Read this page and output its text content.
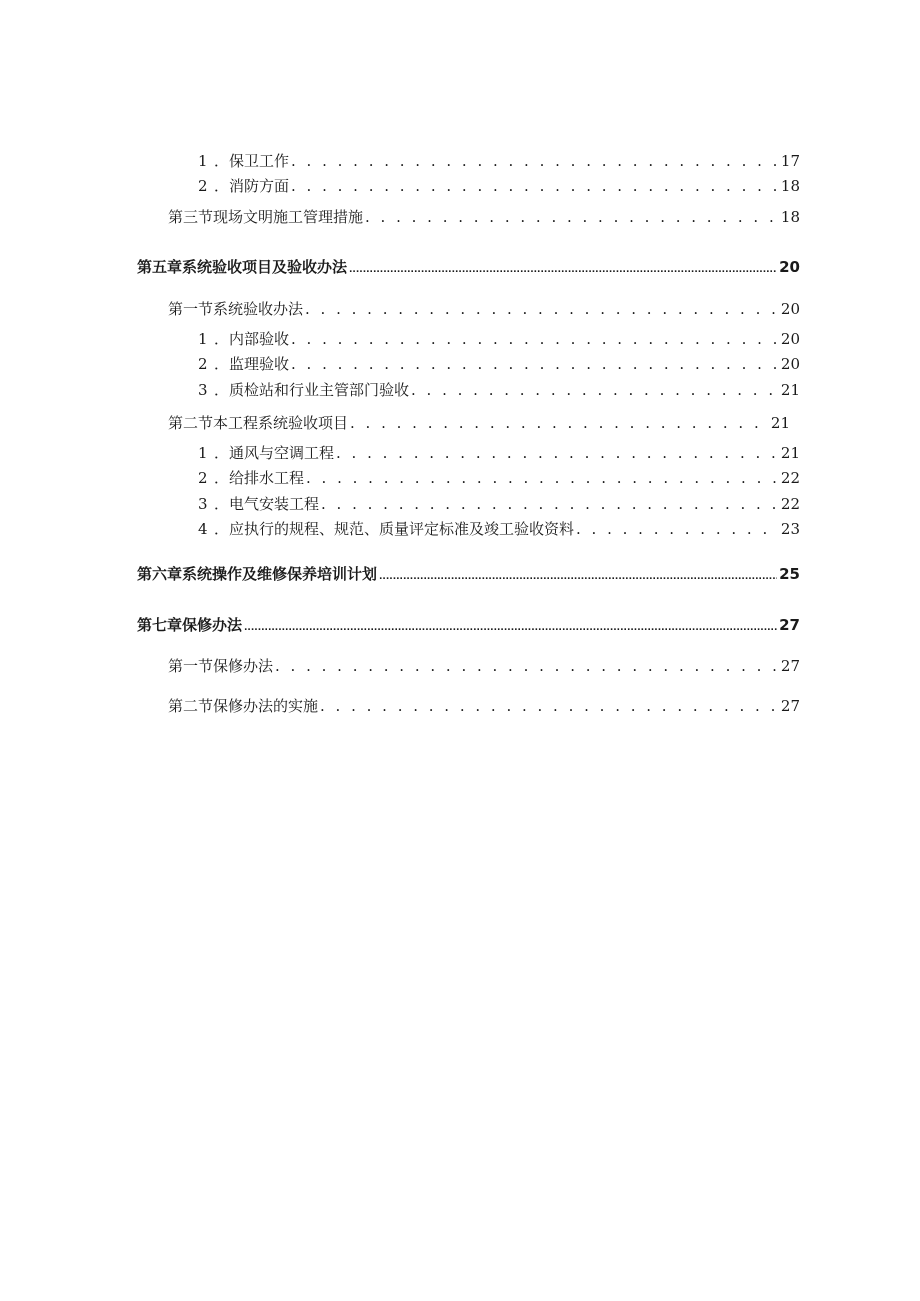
1 ．保卫工作 . . .	17
2 ．消防方面 . . .	18
第三节现场文明施工管理措施 . . .	18
第五章系统验收项目及验收办法 .....	20
第一节系统验收办法 . . .	20
1 ．内部验收 . . .	20
2 ．监理验收 . . .	20
3 ．质检站和行业主管部门验收 . . .	21
第二节本工程系统验收项目 . . .	21
1 ．通风与空调工程 . . .	21
2 ．给排水工程 . . .	22
3 ．电气安装工程 . . .	22
4 ．应执行的规程、规范、质量评定标准及竣工验收资料 . . .	23
第六章系统操作及维修保养培训计划 .....	25
第七章保修办法 .....	27
第一节保修办法 . . .	27
第二节保修办法的实施 . . .	27
